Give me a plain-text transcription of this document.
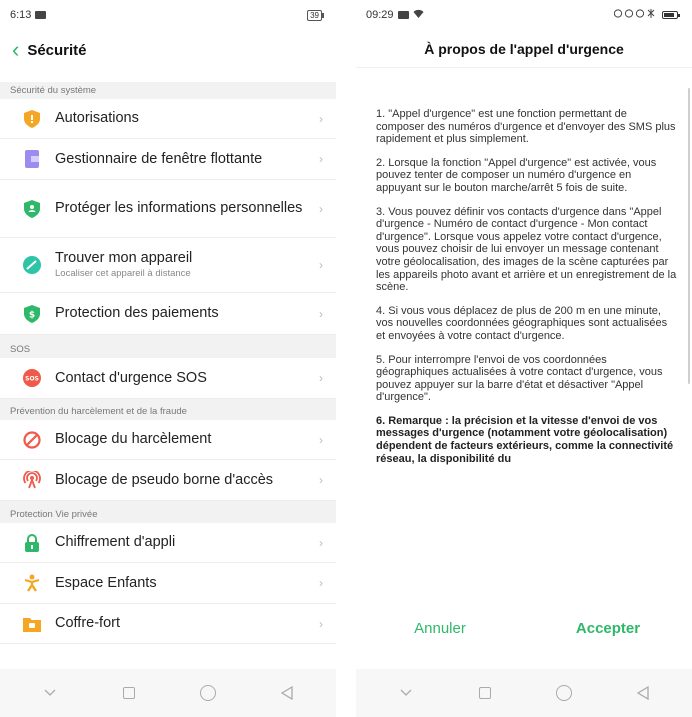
6:13	39
‹ Sécurité
Sécurité du système
Autorisations	›
Gestionnaire de fenêtre flottante	›
Protéger les informations personnelles	›
Trouver mon appareil
Localiser cet appareil à distance
›
$ Protection des paiements	›
SOS
SOS Contact d'urgence SOS	›
Prévention du harcèlement et de la fraude
Blocage du harcèlement	›
Blocage de pseudo borne d'accès	›
Protection Vie privée
Chiffrement d'appli	›
Espace Enfants	›
Coffre-fort	›
09:29
À propos de l'appel d'urgence

1. "Appel d'urgence" est une fonction permettant de composer des numéros d'urgence et d'envoyer des SMS plus rapidement et plus simplement.

2. Lorsque la fonction "Appel d'urgence" est activée, vous pouvez tenter de composer un numéro d'urgence en appuyant sur le bouton marche/arrêt 5 fois de suite.

3. Vous pouvez définir vos contacts d'urgence dans "Appel d'urgence - Numéro de contact d'urgence - Mon contact d'urgence". Lorsque vous appelez votre contact d'urgence, vous pouvez choisir de lui envoyer un message contenant votre géolocalisation, des images de la scène capturées par les appareils photo avant et arrière et un enregistrement de la scène.

4. Si vous vous déplacez de plus de 200 m en une minute, vos nouvelles coordonnées géographiques sont actualisées et envoyées à votre contact d'urgence.

5. Pour interrompre l'envoi de vos coordonnées géographiques actualisées à votre contact d'urgence, vous pouvez appuyer sur la barre d'état et désactiver "Appel d'urgence".

6. Remarque : la précision et la vitesse d'envoi de vos messages d'urgence (notamment votre géolocalisation) dépendent de facteurs extérieurs, comme la connectivité réseau, la disponibilité du

Annuler	Accepter
